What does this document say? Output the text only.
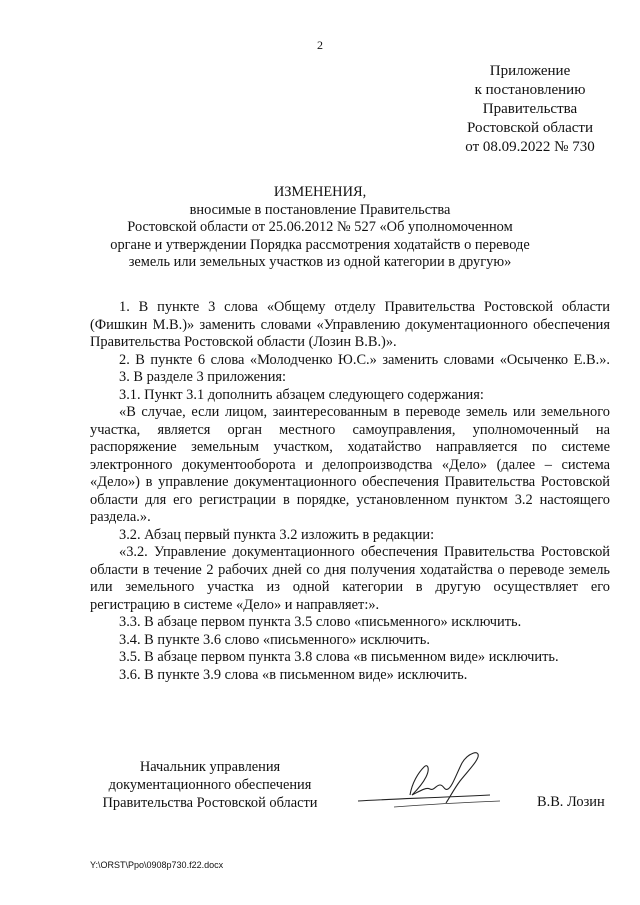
2
Приложение
к постановлению
Правительства
Ростовской области
от 08.09.2022 № 730
ИЗМЕНЕНИЯ,
вносимые в постановление Правительства
Ростовской области от 25.06.2012 № 527 «Об уполномоченном
органе и утверждении Порядка рассмотрения ходатайств о переводе
земель или земельных участков из одной категории в другую»

1. В пункте 3 слова «Общему отделу Правительства Ростовской области (Фишкин М.В.)» заменить словами «Управлению документационного обеспечения Правительства Ростовской области (Лозин В.В.)».

2. В пункте 6 слова «Молодченко Ю.С.» заменить словами «Осыченко Е.В.».

3. В разделе 3 приложения:

3.1. Пункт 3.1 дополнить абзацем следующего содержания:

«В случае, если лицом, заинтересованным в переводе земель или земельного участка, является орган местного самоуправления, уполномоченный на распоряжение земельным участком, ходатайство направляется по системе электронного документооборота и делопроизводства «Дело» (далее – система «Дело») в управление документационного обеспечения Правительства Ростовской области для его регистрации в порядке, установленном пунктом 3.2 настоящего раздела.».

3.2. Абзац первый пункта 3.2 изложить в редакции:

«3.2. Управление документационного обеспечения Правительства Ростовской области в течение 2 рабочих дней со дня получения ходатайства о переводе земель или земельного участка из одной категории в другую осуществляет его регистрацию в системе «Дело» и направляет:».

3.3. В абзаце первом пункта 3.5 слово «письменного» исключить.

3.4. В пункте 3.6 слово «письменного» исключить.

3.5. В абзаце первом пункта 3.8 слова «в письменном виде» исключить.

3.6. В пункте 3.9 слова «в письменном виде» исключить.

Начальник управления
документационного обеспечения
Правительства Ростовской области	В.В. Лозин
Y:\ORST\Ppo\0908p730.f22.docx
